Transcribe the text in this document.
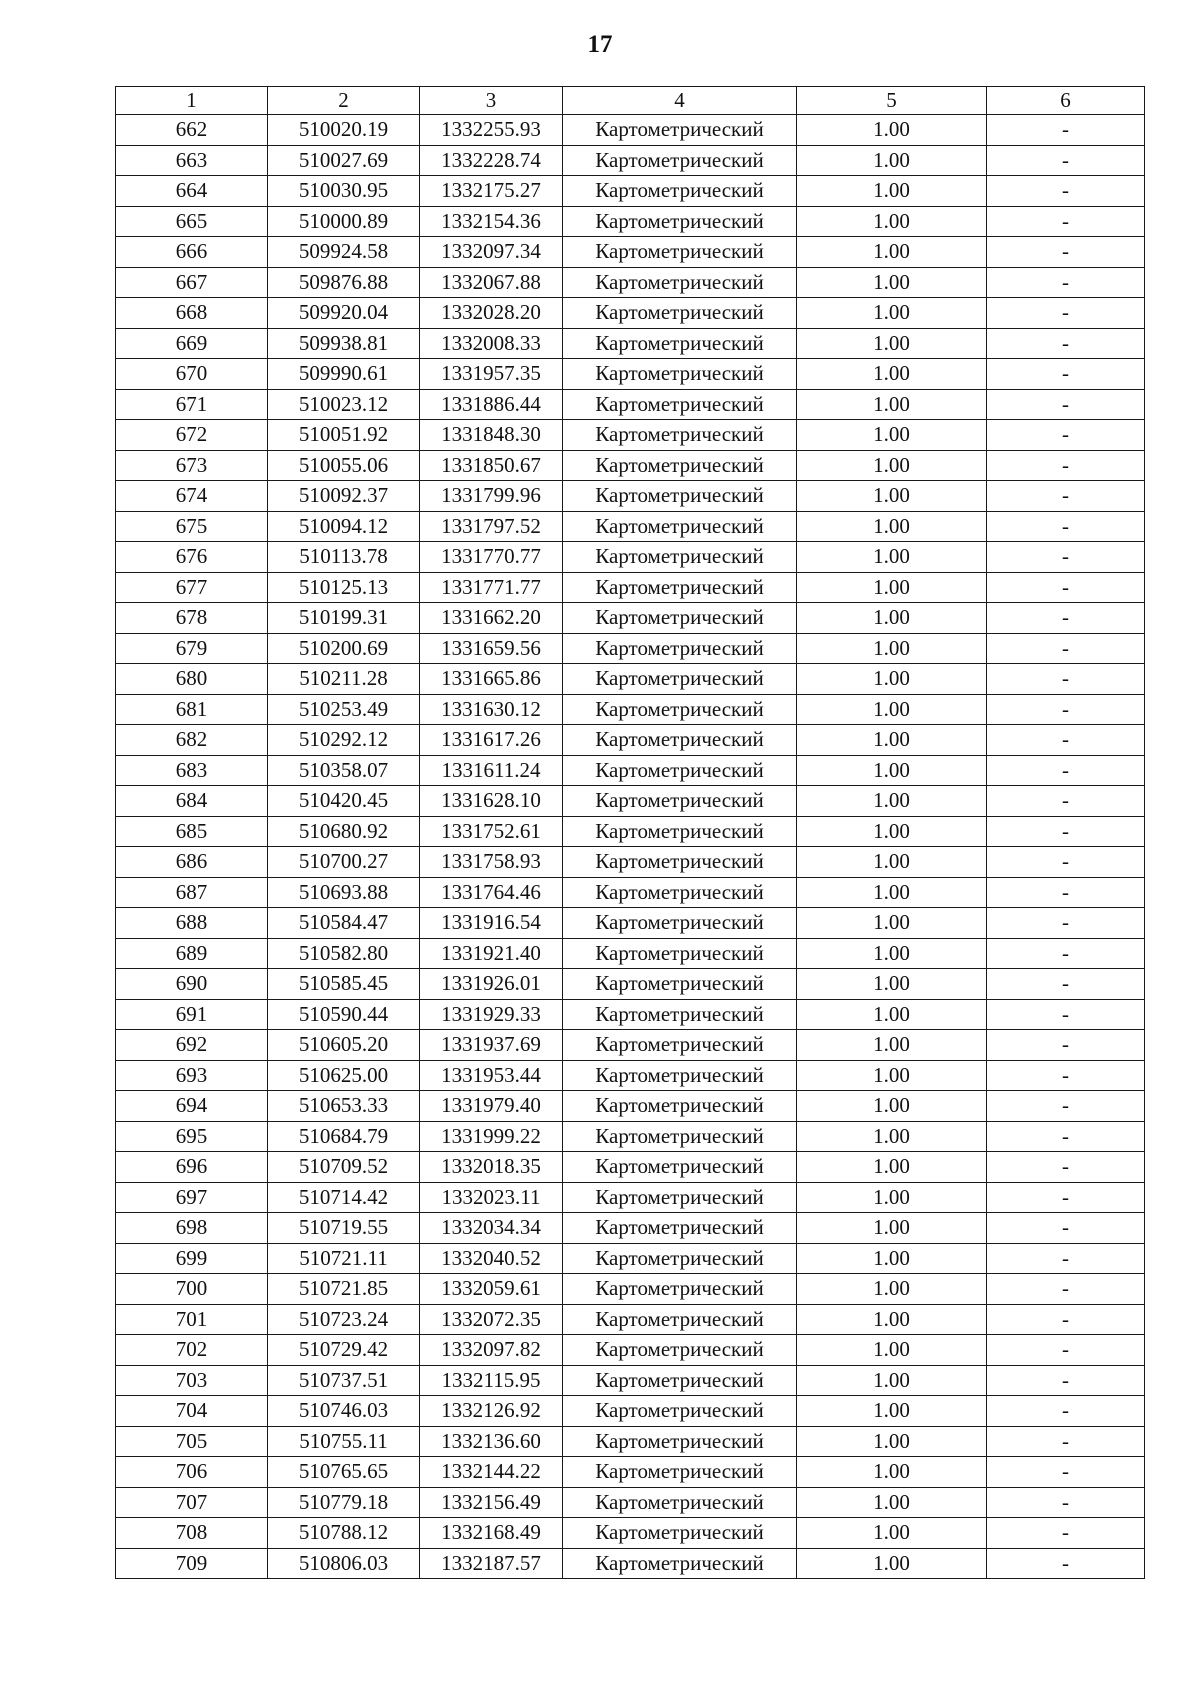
17
1	2	3	4	5	6
662	510020.19	1332255.93	Картометрический	1.00	-
663	510027.69	1332228.74	Картометрический	1.00	-
664	510030.95	1332175.27	Картометрический	1.00	-
665	510000.89	1332154.36	Картометрический	1.00	-
666	509924.58	1332097.34	Картометрический	1.00	-
667	509876.88	1332067.88	Картометрический	1.00	-
668	509920.04	1332028.20	Картометрический	1.00	-
669	509938.81	1332008.33	Картометрический	1.00	-
670	509990.61	1331957.35	Картометрический	1.00	-
671	510023.12	1331886.44	Картометрический	1.00	-
672	510051.92	1331848.30	Картометрический	1.00	-
673	510055.06	1331850.67	Картометрический	1.00	-
674	510092.37	1331799.96	Картометрический	1.00	-
675	510094.12	1331797.52	Картометрический	1.00	-
676	510113.78	1331770.77	Картометрический	1.00	-
677	510125.13	1331771.77	Картометрический	1.00	-
678	510199.31	1331662.20	Картометрический	1.00	-
679	510200.69	1331659.56	Картометрический	1.00	-
680	510211.28	1331665.86	Картометрический	1.00	-
681	510253.49	1331630.12	Картометрический	1.00	-
682	510292.12	1331617.26	Картометрический	1.00	-
683	510358.07	1331611.24	Картометрический	1.00	-
684	510420.45	1331628.10	Картометрический	1.00	-
685	510680.92	1331752.61	Картометрический	1.00	-
686	510700.27	1331758.93	Картометрический	1.00	-
687	510693.88	1331764.46	Картометрический	1.00	-
688	510584.47	1331916.54	Картометрический	1.00	-
689	510582.80	1331921.40	Картометрический	1.00	-
690	510585.45	1331926.01	Картометрический	1.00	-
691	510590.44	1331929.33	Картометрический	1.00	-
692	510605.20	1331937.69	Картометрический	1.00	-
693	510625.00	1331953.44	Картометрический	1.00	-
694	510653.33	1331979.40	Картометрический	1.00	-
695	510684.79	1331999.22	Картометрический	1.00	-
696	510709.52	1332018.35	Картометрический	1.00	-
697	510714.42	1332023.11	Картометрический	1.00	-
698	510719.55	1332034.34	Картометрический	1.00	-
699	510721.11	1332040.52	Картометрический	1.00	-
700	510721.85	1332059.61	Картометрический	1.00	-
701	510723.24	1332072.35	Картометрический	1.00	-
702	510729.42	1332097.82	Картометрический	1.00	-
703	510737.51	1332115.95	Картометрический	1.00	-
704	510746.03	1332126.92	Картометрический	1.00	-
705	510755.11	1332136.60	Картометрический	1.00	-
706	510765.65	1332144.22	Картометрический	1.00	-
707	510779.18	1332156.49	Картометрический	1.00	-
708	510788.12	1332168.49	Картометрический	1.00	-
709	510806.03	1332187.57	Картометрический	1.00	-
